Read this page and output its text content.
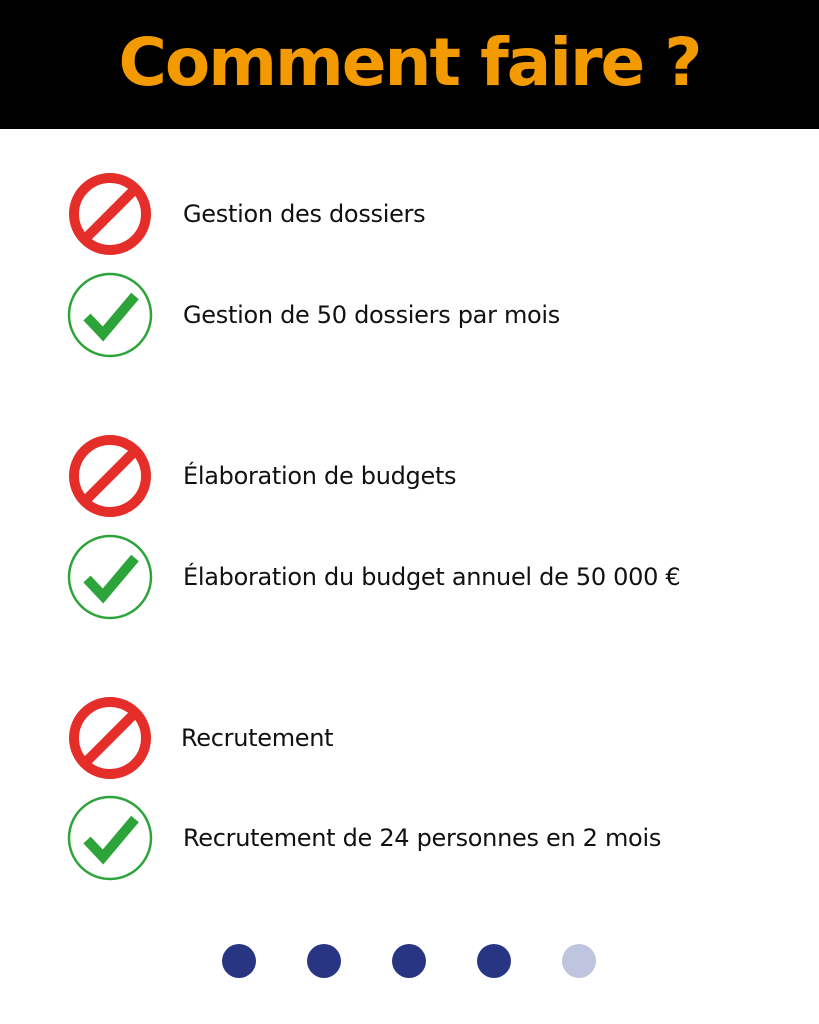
Comment faire ?
Gestion des dossiers
Gestion de 50 dossiers par mois
Élaboration de budgets
Élaboration du budget annuel de 50 000 €
Recrutement
Recrutement de 24 personnes en 2 mois
